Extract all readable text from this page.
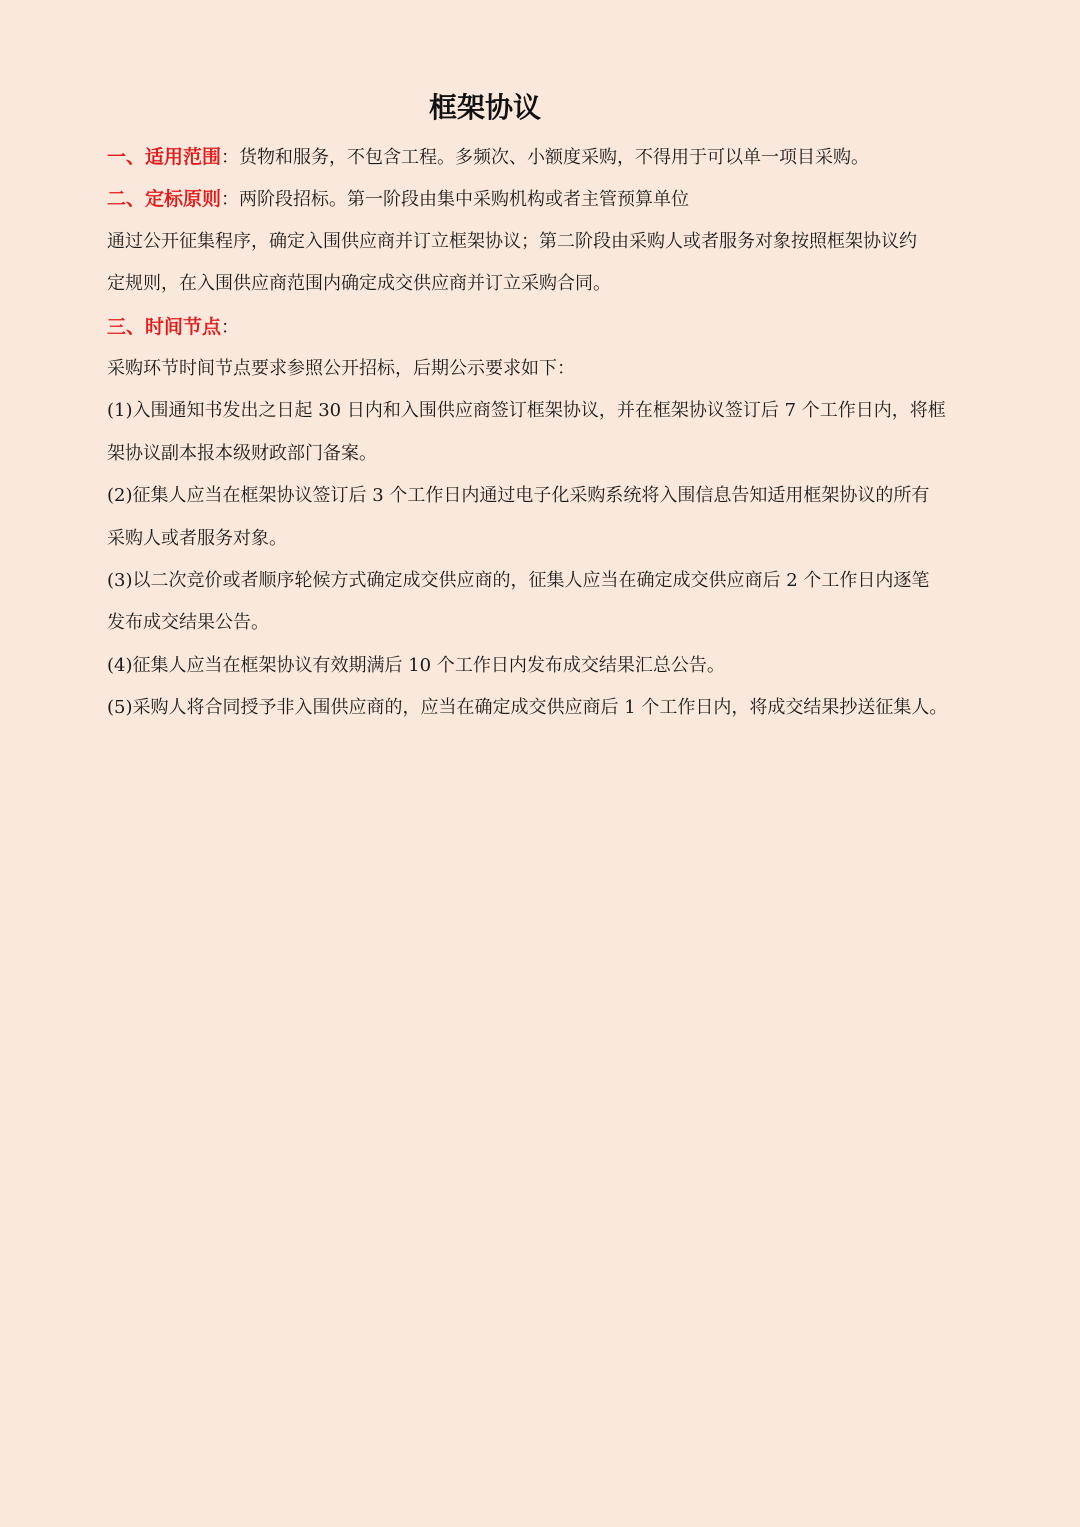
框架协议
一、适用范围：货物和服务，不包含工程。多频次、小额度采购，不得用于可以单一项目采购。
二、定标原则：两阶段招标。第一阶段由集中采购机构或者主管预算单位
通过公开征集程序，确定入围供应商并订立框架协议；第二阶段由采购人或者服务对象按照框架协议约
定规则，在入围供应商范围内确定成交供应商并订立采购合同。
三、时间节点：
采购环节时间节点要求参照公开招标，后期公示要求如下：
(1)入围通知书发出之日起 30 日内和入围供应商签订框架协议，并在框架协议签订后 7 个工作日内，将框
架协议副本报本级财政部门备案。
(2)征集人应当在框架协议签订后 3 个工作日内通过电子化采购系统将入围信息告知适用框架协议的所有
采购人或者服务对象。
(3)以二次竞价或者顺序轮候方式确定成交供应商的，征集人应当在确定成交供应商后 2 个工作日内逐笔
发布成交结果公告。
(4)征集人应当在框架协议有效期满后 10 个工作日内发布成交结果汇总公告。
(5)采购人将合同授予非入围供应商的，应当在确定成交供应商后 1 个工作日内，将成交结果抄送征集人。
